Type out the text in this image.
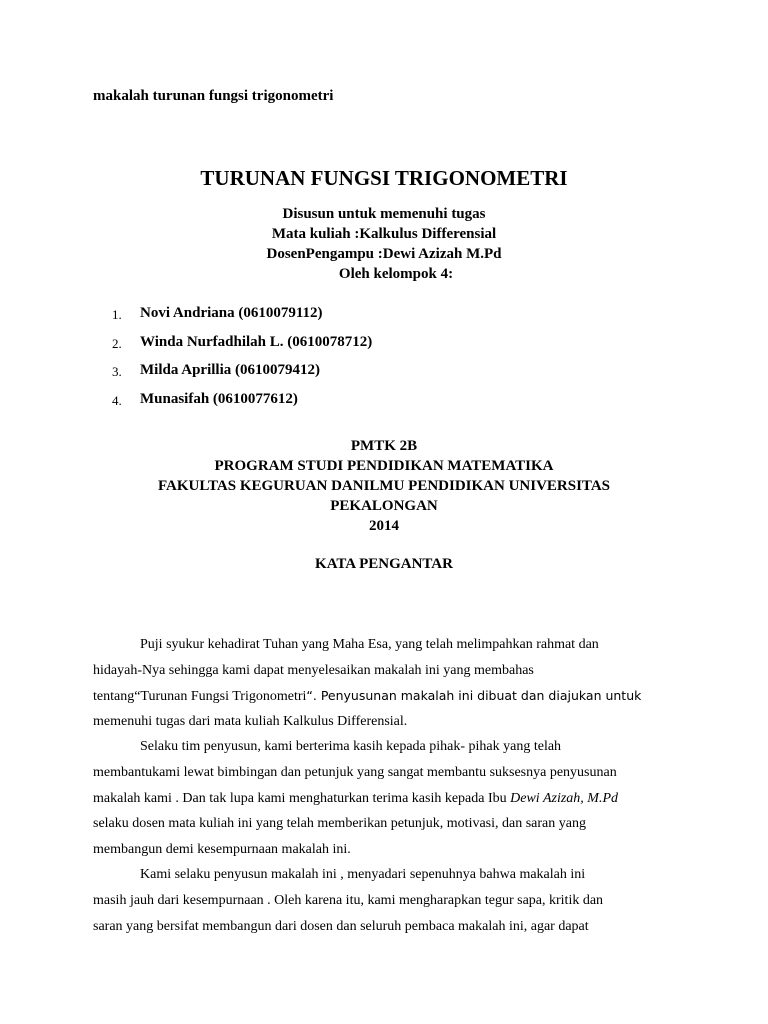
makalah turunan fungsi trigonometri
TURUNAN FUNGSI TRIGONOMETRI
Disusun untuk memenuhi tugas
Mata kuliah :Kalkulus Differensial
DosenPengampu :Dewi Azizah M.Pd
Oleh kelompok 4:
1. Novi Andriana (0610079112)
2. Winda Nurfadhilah L. (0610078712)
3. Milda Aprillia (0610079412)
4. Munasifah (0610077612)
PMTK 2B
PROGRAM STUDI PENDIDIKAN MATEMATIKA
FAKULTAS KEGURUAN DANILMU PENDIDIKAN UNIVERSITAS
PEKALONGAN
2014
KATA PENGANTAR
Puji syukur kehadirat Tuhan yang Maha Esa, yang telah melimpahkan rahmat dan
hidayah-Nya sehingga kami dapat menyelesaikan makalah ini yang membahas
tentang“Turunan Fungsi Trigonometri“. Penyusunan makalah ini dibuat dan diajukan untuk
memenuhi tugas dari mata kuliah Kalkulus Differensial.
Selaku tim penyusun, kami berterima kasih kepada pihak- pihak yang telah
membantukami lewat bimbingan dan petunjuk yang sangat membantu suksesnya penyusunan
makalah kami . Dan tak lupa kami menghaturkan terima kasih kepada Ibu Dewi Azizah, M.Pd
selaku dosen mata kuliah ini yang telah memberikan petunjuk, motivasi, dan saran yang
membangun demi kesempurnaan makalah ini.
Kami selaku penyusun makalah ini , menyadari sepenuhnya bahwa makalah ini
masih jauh dari kesempurnaan . Oleh karena itu, kami mengharapkan tegur sapa, kritik dan
saran yang bersifat membangun dari dosen dan seluruh pembaca makalah ini, agar dapat
